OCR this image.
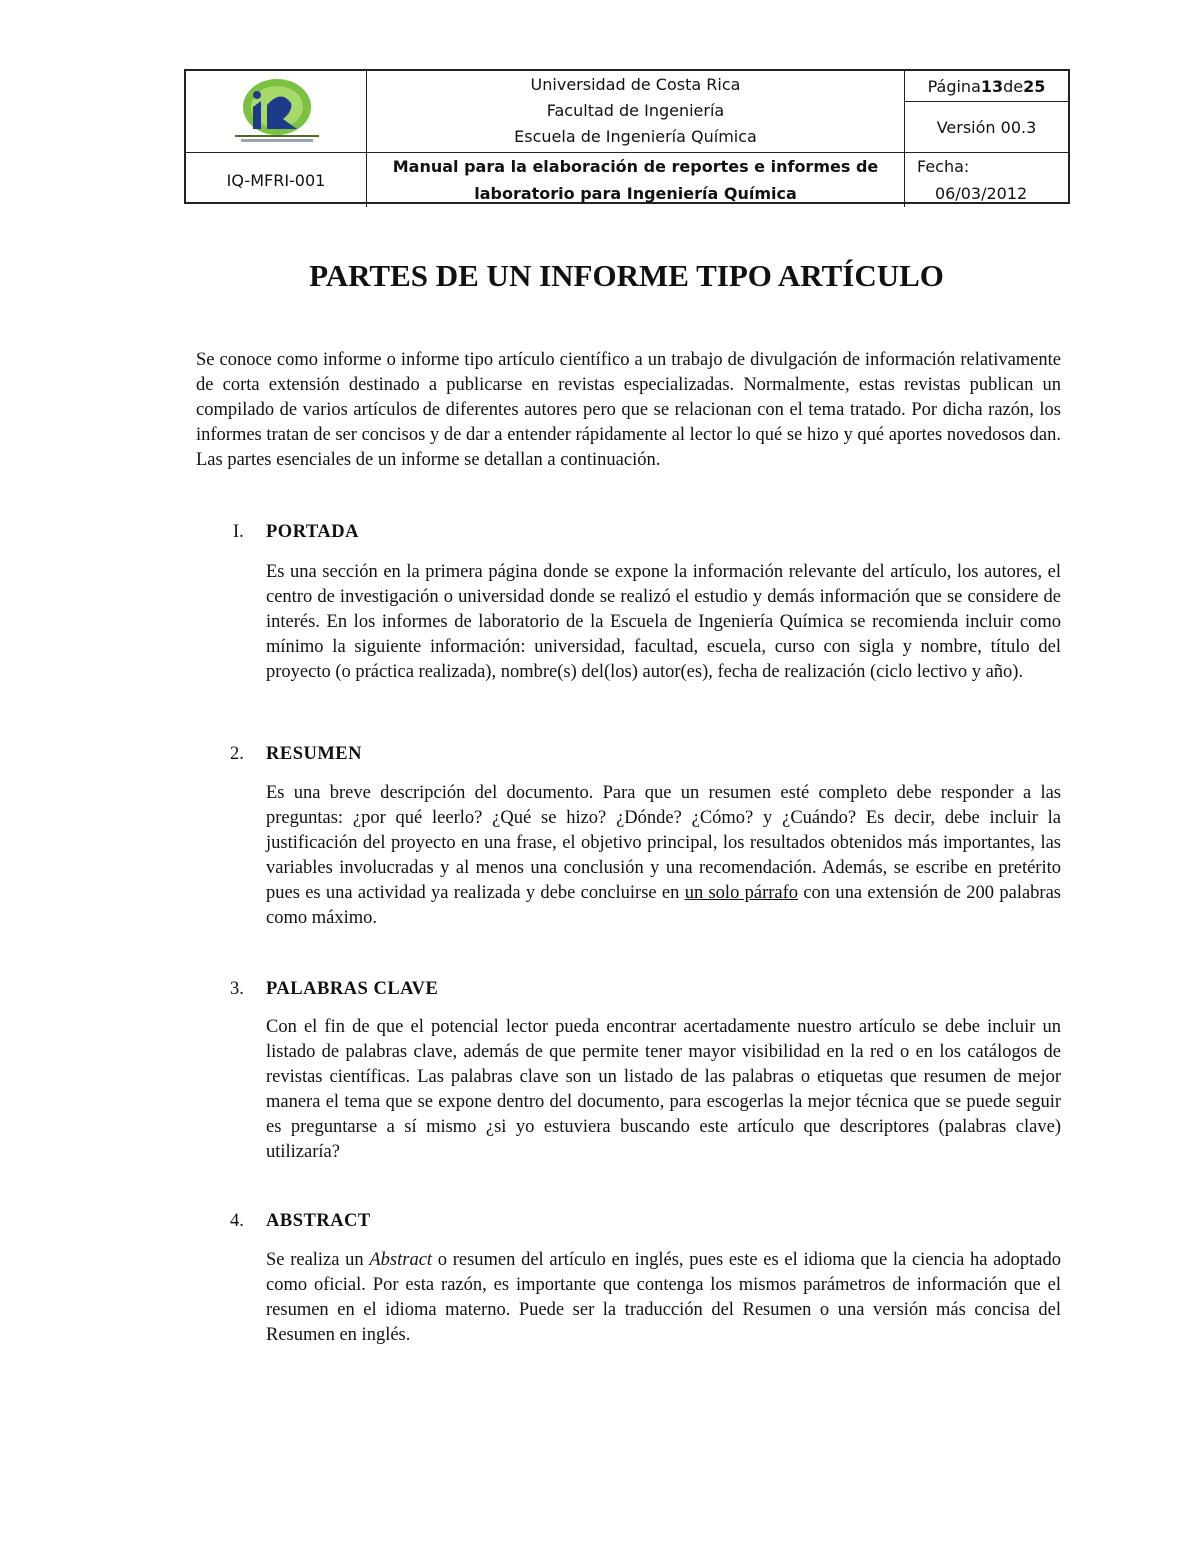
Universidad de Costa Rica
Facultad de Ingeniería
Escuela de Ingeniería Química
Página 13 de 25
Versión 00.3
IQ-MFRI-001
Manual para la elaboración de reportes e informes de
laboratorio para Ingeniería Química
Fecha:
06/03/2012
PARTES DE UN INFORME TIPO ARTÍCULO
Se conoce como informe o informe tipo artículo científico a un trabajo de divulgación de información relativamente de corta extensión destinado a publicarse en revistas especializadas. Normalmente, estas revistas publican un compilado de varios artículos de diferentes autores pero que se relacionan con el tema tratado. Por dicha razón, los informes tratan de ser concisos y de dar a entender rápidamente al lector lo qué se hizo y qué aportes novedosos dan. Las partes esenciales de un informe se detallan a continuación.
I. PORTADA
Es una sección en la primera página donde se expone la información relevante del artículo, los autores, el centro de investigación o universidad donde se realizó el estudio y demás información que se considere de interés. En los informes de laboratorio de la Escuela de Ingeniería Química se recomienda incluir como mínimo la siguiente información: universidad, facultad, escuela, curso con sigla y nombre, título del proyecto (o práctica realizada), nombre(s) del(los) autor(es), fecha de realización (ciclo lectivo y año).
2. RESUMEN
Es una breve descripción del documento. Para que un resumen esté completo debe responder a las preguntas: ¿por qué leerlo? ¿Qué se hizo? ¿Dónde? ¿Cómo? y ¿Cuándo? Es decir, debe incluir la justificación del proyecto en una frase, el objetivo principal, los resultados obtenidos más importantes, las variables involucradas y al menos una conclusión y una recomendación. Además, se escribe en pretérito pues es una actividad ya realizada y debe concluirse en un solo párrafo con una extensión de 200 palabras como máximo.
3. PALABRAS CLAVE
Con el fin de que el potencial lector pueda encontrar acertadamente nuestro artículo se debe incluir un listado de palabras clave, además de que permite tener mayor visibilidad en la red o en los catálogos de revistas científicas. Las palabras clave son un listado de las palabras o etiquetas que resumen de mejor manera el tema que se expone dentro del documento, para escogerlas la mejor técnica que se puede seguir es preguntarse a sí mismo ¿si yo estuviera buscando este artículo que descriptores (palabras clave) utilizaría?
4. ABSTRACT
Se realiza un Abstract o resumen del artículo en inglés, pues este es el idioma que la ciencia ha adoptado como oficial. Por esta razón, es importante que contenga los mismos parámetros de información que el resumen en el idioma materno. Puede ser la traducción del Resumen o una versión más concisa del Resumen en inglés.
